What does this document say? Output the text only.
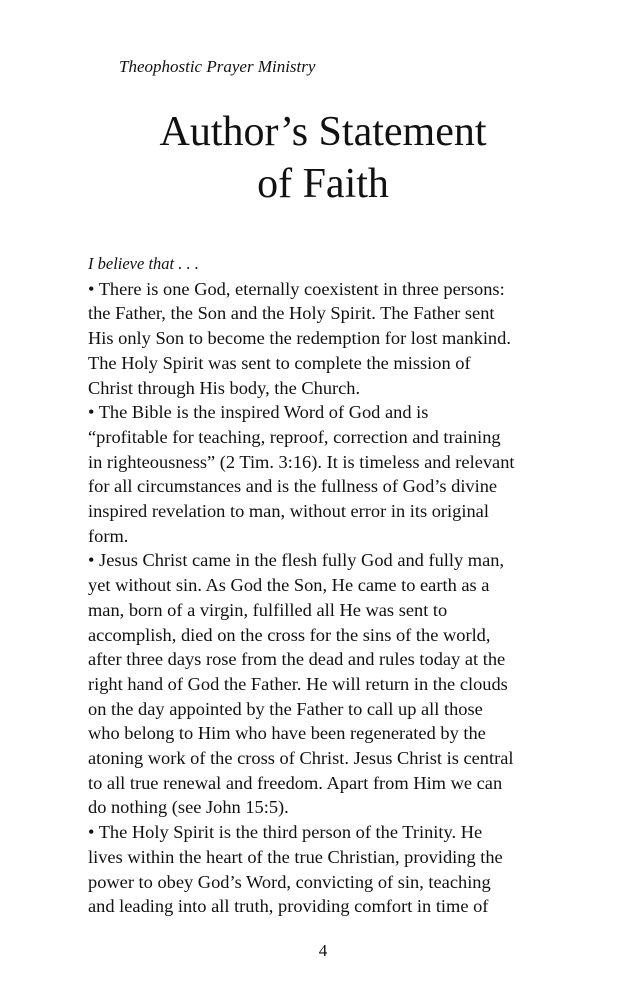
Theophostic Prayer Ministry
Author’s Statement
of Faith
I believe that . . .
• There is one God, eternally coexistent in three persons:
the Father, the Son and the Holy Spirit. The Father sent
His only Son to become the redemption for lost mankind.
The Holy Spirit was sent to complete the mission of
Christ through His body, the Church.
• The Bible is the inspired Word of God and is
“profitable for teaching, reproof, correction and training
in righteousness” (2 Tim. 3:16). It is timeless and relevant
for all circumstances and is the fullness of God’s divine
inspired revelation to man, without error in its original
form.
• Jesus Christ came in the flesh fully God and fully man,
yet without sin. As God the Son, He came to earth as a
man, born of a virgin, fulfilled all He was sent to
accomplish, died on the cross for the sins of the world,
after three days rose from the dead and rules today at the
right hand of God the Father. He will return in the clouds
on the day appointed by the Father to call up all those
who belong to Him who have been regenerated by the
atoning work of the cross of Christ. Jesus Christ is central
to all true renewal and freedom. Apart from Him we can
do nothing (see John 15:5).
• The Holy Spirit is the third person of the Trinity. He
lives within the heart of the true Christian, providing the
power to obey God’s Word, convicting of sin, teaching
and leading into all truth, providing comfort in time of
4
